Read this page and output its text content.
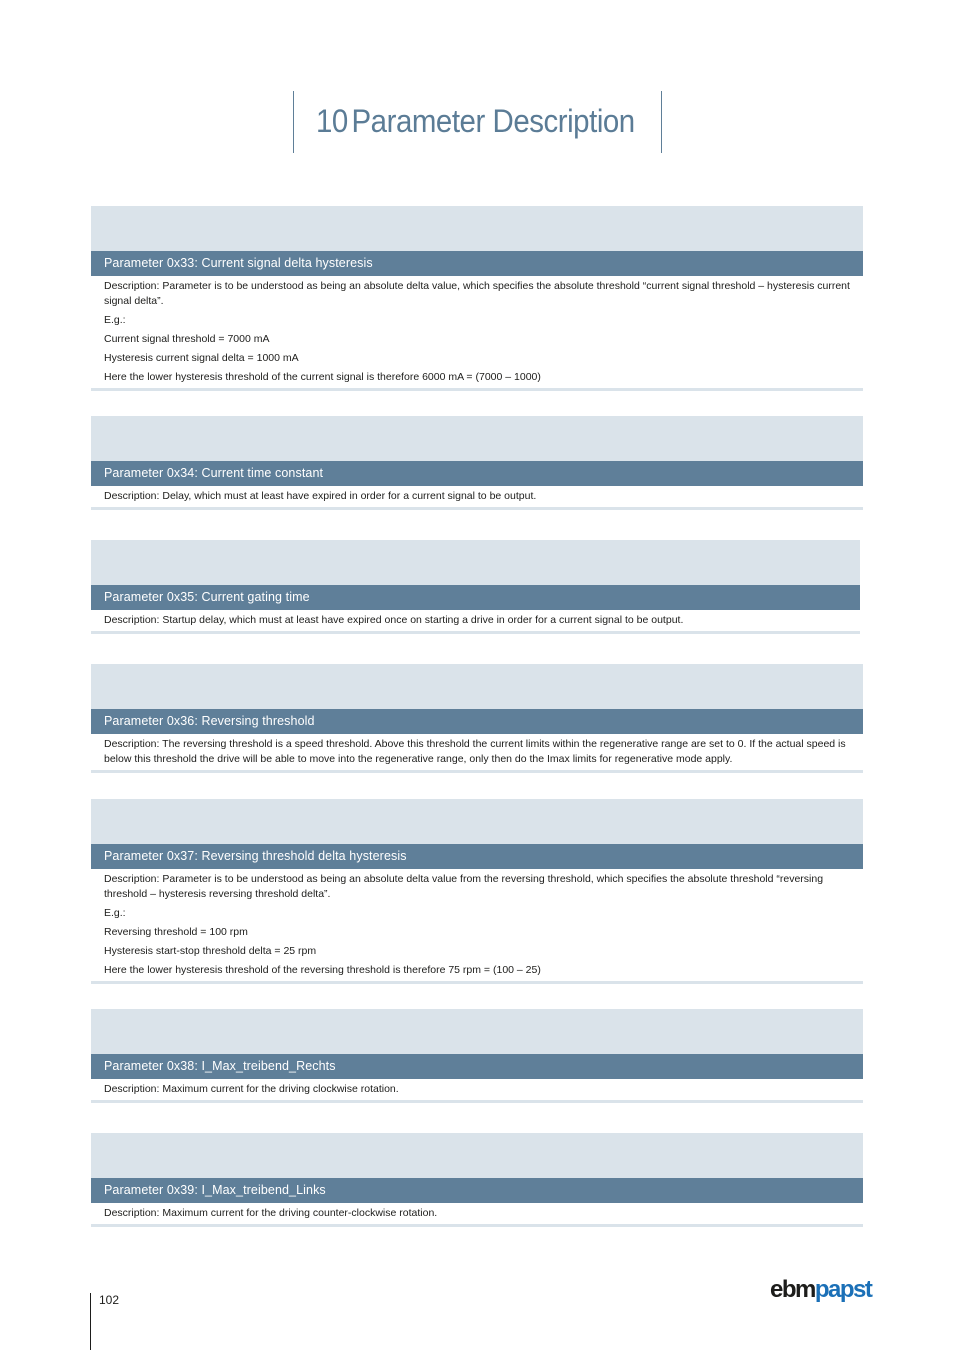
10 Parameter Description
Parameter 0x33: Current signal delta hysteresis

Description: Parameter is to be understood as being an absolute delta value, which specifies the absolute threshold “current signal threshold – hysteresis current signal delta”.

E.g.:

Current signal threshold = 7000 mA

Hysteresis current signal delta = 1000 mA

Here the lower hysteresis threshold of the current signal is therefore 6000 mA = (7000 – 1000)

Parameter 0x34: Current time constant

Description: Delay, which must at least have expired in order for a current signal to be output.

Parameter 0x35: Current gating time

Description: Startup delay, which must at least have expired once on starting a drive in order for a current signal to be output.

Parameter 0x36: Reversing threshold

Description: The reversing threshold is a speed threshold. Above this threshold the current limits within the regenerative range are set to 0. If the actual speed is below this threshold the drive will be able to move into the regenerative range, only then do the Imax limits for regenerative mode apply.

Parameter 0x37: Reversing threshold delta hysteresis

Description: Parameter is to be understood as being an absolute delta value from the reversing threshold, which specifies the absolute threshold “reversing threshold – hysteresis reversing threshold delta”.

E.g.:

Reversing threshold = 100 rpm

Hysteresis start-stop threshold delta = 25 rpm

Here the lower hysteresis threshold of the reversing threshold is therefore 75 rpm = (100 – 25)

Parameter 0x38: I_Max_treibend_Rechts

Description: Maximum current for the driving clockwise rotation.

Parameter 0x39: I_Max_treibend_Links

Description: Maximum current for the driving counter-clockwise rotation.

102	ebmpapst
